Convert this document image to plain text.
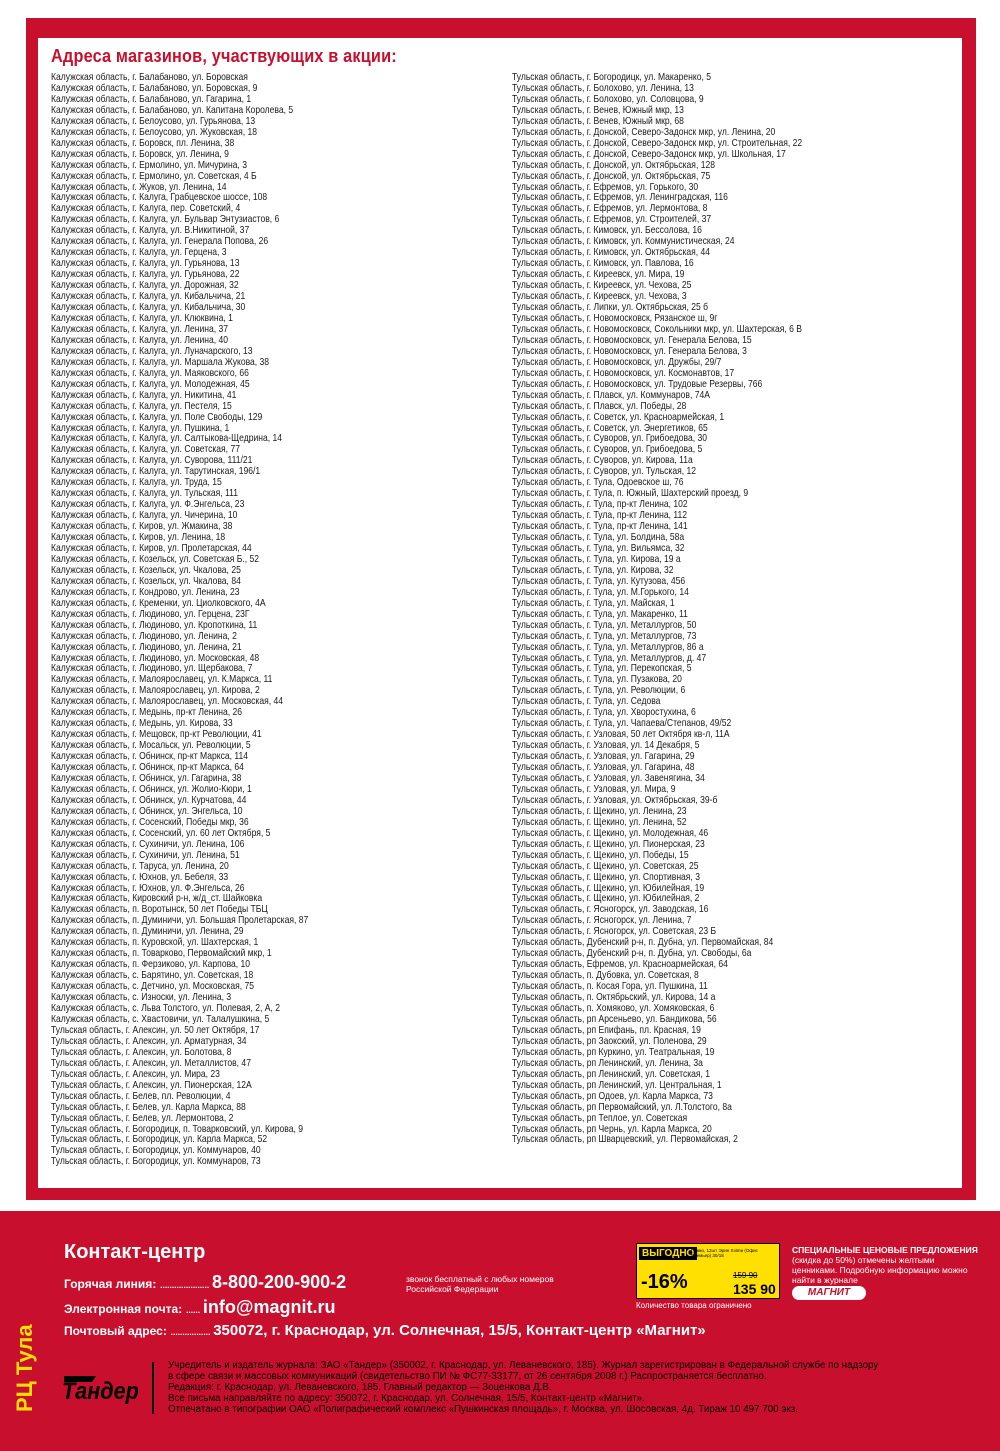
Адреса магазинов, участвующих в акции:
Калужская область, г. Балабаново, ул. Боровская
Калужская область, г. Балабаново, ул. Боровская, 9
Калужская область, г. Балабаново, ул. Гагарина, 1
Калужская область, г. Балабаново, ул. Капитана Королева, 5
Калужская область, г. Белоусово, ул. Гурьянова, 13
Калужская область, г. Белоусово, ул. Жуковская, 18
Калужская область, г. Боровск, пл. Ленина, 38
Калужская область, г. Боровск, ул. Ленина, 9
Калужская область, г. Ермолино, ул. Мичурина, 3
Калужская область, г. Ермолино, ул. Советская, 4 Б
Калужская область, г. Жуков, ул. Ленина, 14
Калужская область, г. Калуга, Грабцевское шоссе, 108
Калужская область, г. Калуга, пер. Советский, 4
Калужская область, г. Калуга, ул. Бульвар Энтузиастов, 6
Калужская область, г. Калуга, ул. В.Никитиной, 37
Калужская область, г. Калуга, ул. Генерала Попова, 26
Калужская область, г. Калуга, ул. Герцена, 3
Калужская область, г. Калуга, ул. Гурьянова, 13
Калужская область, г. Калуга, ул. Гурьянова, 22
Калужская область, г. Калуга, ул. Дорожная, 32
Калужская область, г. Калуга, ул. Кибальчича, 21
Калужская область, г. Калуга, ул. Кибальчича, 30
Калужская область, г. Калуга, ул. Клюквина, 1
Калужская область, г. Калуга, ул. Ленина, 37
Калужская область, г. Калуга, ул. Ленина, 40
Калужская область, г. Калуга, ул. Луначарского, 13
Калужская область, г. Калуга, ул. Маршала Жукова, 38
Калужская область, г. Калуга, ул. Маяковского, 66
Калужская область, г. Калуга, ул. Молодежная, 45
Калужская область, г. Калуга, ул. Никитина, 41
Калужская область, г. Калуга, ул. Пестеля, 15
Калужская область, г. Калуга, ул. Поле Свободы, 129
Калужская область, г. Калуга, ул. Пушкина, 1
Калужская область, г. Калуга, ул. Салтыкова-Щедрина, 14
Калужская область, г. Калуга, ул. Советская, 77
Калужская область, г. Калуга, ул. Суворова, 111/21
Калужская область, г. Калуга, ул. Тарутинская, 196/1
Калужская область, г. Калуга, ул. Труда, 15
Калужская область, г. Калуга, ул. Тульская, 111
Калужская область, г. Калуга, ул. Ф.Энгельса, 23
Калужская область, г. Калуга, ул. Чичерина, 10
Калужская область, г. Киров, ул. Жмакина, 38
Калужская область, г. Киров, ул. Ленина, 18
Калужская область, г. Киров, ул. Пролетарская, 44
Калужская область, г. Козельск, ул. Советская Б., 52
Калужская область, г. Козельск, ул. Чкалова, 25
Калужская область, г. Козельск, ул. Чкалова, 84
Калужская область, г. Кондрово, ул. Ленина, 23
Калужская область, г. Кременки, ул. Циолковского, 4А
Калужская область, г. Людиново, ул. Герцена, 23Г
Калужская область, г. Людиново, ул. Кропоткина, 11
Калужская область, г. Людиново, ул. Ленина, 2
Калужская область, г. Людиново, ул. Ленина, 21
Калужская область, г. Людиново, ул. Московская, 48
Калужская область, г. Людиново, ул. Щербакова, 7
Калужская область, г. Малоярославец, ул. К.Маркса, 11
Калужская область, г. Малоярославец, ул. Кирова, 2
Калужская область, г. Малоярославец, ул. Московская, 44
Калужская область, г. Медынь, пр-кт Ленина, 26
Калужская область, г. Медынь, ул. Кирова, 33
Калужская область, г. Мещовск, пр-кт Революции, 41
Калужская область, г. Мосальск, ул. Революции, 5
Калужская область, г. Обнинск, пр-кт Маркса, 114
Калужская область, г. Обнинск, пр-кт Маркса, 64
Калужская область, г. Обнинск, ул. Гагарина, 38
Калужская область, г. Обнинск, ул. Жолио-Кюри, 1
Калужская область, г. Обнинск, ул. Курчатова, 44
Калужская область, г. Обнинск, ул. Энгельса, 10
Калужская область, г. Сосенский, Победы мкр, 36
Калужская область, г. Сосенский, ул. 60 лет Октября, 5
Калужская область, г. Сухиничи, ул. Ленина, 106
Калужская область, г. Сухиничи, ул. Ленина, 51
Калужская область, г. Таруса, ул. Ленина, 20
Калужская область, г. Юхнов, ул. Бебеля, 33
Калужская область, г. Юхнов, ул. Ф.Энгельса, 26
Калужская область, Кировский р-н, ж/д_ст. Шайковка
Калужская область, п. Воротынск, 50 лет Победы ТБЦ
Калужская область, п. Думиничи, ул. Большая Пролетарская, 87
Калужская область, п. Думиничи, ул. Ленина, 29
Калужская область, п. Куровской, ул. Шахтерская, 1
Калужская область, п. Товарково, Первомайский мкр, 1
Калужская область, п. Ферзиково, ул. Карпова, 10
Калужская область, с. Барятино, ул. Советская, 18
Калужская область, с. Детчино, ул. Московская, 75
Калужская область, с. Износки, ул. Ленина, 3
Калужская область, с. Льва Толстого, ул. Полевая, 2, А, 2
Калужская область, с. Хвастовичи, ул. Талалушкина, 5
Тульская область, г. Алексин, ул. 50 лет Октября, 17
Тульская область, г. Алексин, ул. Арматурная, 34
Тульская область, г. Алексин, ул. Болотова, 8
Тульская область, г. Алексин, ул. Металлистов, 47
Тульская область, г. Алексин, ул. Мира, 23
Тульская область, г. Алексин, ул. Пионерская, 12А
Тульская область, г. Белев, пл. Революции, 4
Тульская область, г. Белев, ул. Карла Маркса, 88
Тульская область, г. Белев, ул. Лермонтова, 2
Тульская область, г. Богородицк, п. Товарковский, ул. Кирова, 9
Тульская область, г. Богородицк, ул. Карла Маркса, 52
Тульская область, г. Богородицк, ул. Коммунаров, 40
Тульская область, г. Богородицк, ул. Коммунаров, 73
Тульская область, г. Богородицк, ул. Макаренко, 5
Тульская область, г. Болохово, ул. Ленина, 13
Тульская область, г. Болохово, ул. Соловцова, 9
Тульская область, г. Венев, Южный мкр, 13
Тульская область, г. Венев, Южный мкр, 68
Тульская область, г. Донской, Северо-Задонск мкр, ул. Ленина, 20
Тульская область, г. Донской, Северо-Задонск мкр, ул. Строительная, 22
Тульская область, г. Донской, Северо-Задонск мкр, ул. Школьная, 17
Тульская область, г. Донской, ул. Октябрьская, 128
Тульская область, г. Донской, ул. Октябрьская, 75
Тульская область, г. Ефремов, ул. Горького, 30
Тульская область, г. Ефремов, ул. Ленинградская, 116
Тульская область, г. Ефремов, ул. Лермонтова, 8
Тульская область, г. Ефремов, ул. Строителей, 37
Тульская область, г. Кимовск, ул. Бессолова, 16
Тульская область, г. Кимовск, ул. Коммунистическая, 24
Тульская область, г. Кимовск, ул. Октябрьская, 44
Тульская область, г. Кимовск, ул. Павлова, 16
Тульская область, г. Киреевск, ул. Мира, 19
Тульская область, г. Киреевск, ул. Чехова, 25
Тульская область, г. Киреевск, ул. Чехова, 3
Тульская область, г. Липки, ул. Октябрьская, 25 б
Тульская область, г. Новомосковск, Рязанское ш, 9г
Тульская область, г. Новомосковск, Сокольники мкр, ул. Шахтерская, 6 В
Тульская область, г. Новомосковск, ул. Генерала Белова, 15
Тульская область, г. Новомосковск, ул. Генерала Белова, 3
Тульская область, г. Новомосковск, ул. Дружбы, 29/7
Тульская область, г. Новомосковск, ул. Космонавтов, 17
Тульская область, г. Новомосковск, ул. Трудовые Резервы, 766
Тульская область, г. Плавск, ул. Коммунаров, 74А
Тульская область, г. Плавск, ул. Победы, 28
Тульская область, г. Советск, ул. Красноармейская, 1
Тульская область, г. Советск, ул. Энергетиков, 65
Тульская область, г. Суворов, ул. Грибоедова, 30
Тульская область, г. Суворов, ул. Грибоедова, 5
Тульская область, г. Суворов, ул. Кирова, 11а
Тульская область, г. Суворов, ул. Тульская, 12
Тульская область, г. Тула, Одоевское ш, 76
Тульская область, г. Тула, п. Южный, Шахтерский проезд, 9
Тульская область, г. Тула, пр-кт Ленина, 102
Тульская область, г. Тула, пр-кт Ленина, 112
Тульская область, г. Тула, пр-кт Ленина, 141
Тульская область, г. Тула, ул. Болдина, 58а
Тульская область, г. Тула, ул. Вильямса, 32
Тульская область, г. Тула, ул. Кирова, 19 а
Тульская область, г. Тула, ул. Кирова, 32
Тульская область, г. Тула, ул. Кутузова, 456
Тульская область, г. Тула, ул. М.Горького, 14
Тульская область, г. Тула, ул. Майская, 1
Тульская область, г. Тула, ул. Макаренко, 11
Тульская область, г. Тула, ул. Металлургов, 50
Тульская область, г. Тула, ул. Металлургов, 73
Тульская область, г. Тула, ул. Металлургов, 86 а
Тульская область, г. Тула, ул. Металлургов, д. 47
Тульская область, г. Тула, ул. Перекопская, 5
Тульская область, г. Тула, ул. Пузакова, 20
Тульская область, г. Тула, ул. Революции, 6
Тульская область, г. Тула, ул. Седова
Тульская область, г. Тула, ул. Хворостухина, 6
Тульская область, г. Тула, ул. Чапаева/Степанов, 49/52
Тульская область, г. Узловая, 50 лет Октября кв-л, 11А
Тульская область, г. Узловая, ул. 14 Декабря, 5
Тульская область, г. Узловая, ул. Гагарина, 29
Тульская область, г. Узловая, ул. Гагарина, 48
Тульская область, г. Узловая, ул. Завенягина, 34
Тульская область, г. Узловая, ул. Мира, 9
Тульская область, г. Узловая, ул. Октябрьская, 39-б
Тульская область, г. Щекино, ул. Ленина, 23
Тульская область, г. Щекино, ул. Ленина, 52
Тульская область, г. Щекино, ул. Молодежная, 46
Тульская область, г. Щекино, ул. Пионерская, 23
Тульская область, г. Щекино, ул. Победы, 15
Тульская область, г. Щекино, ул. Советская, 25
Тульская область, г. Щекино, ул. Спортивная, 3
Тульская область, г. Щекино, ул. Юбилейная, 19
Тульская область, г. Щекино, ул. Юбилейная, 2
Тульская область, г. Ясногорск, ул. Заводская, 16
Тульская область, г. Ясногорск, ул. Ленина, 7
Тульская область, г. Ясногорск, ул. Советская, 23 Б
Тульская область, Дубенский р-н, п. Дубна, ул. Первомайская, 84
Тульская область, Дубенский р-н, п. Дубна, ул. Свободы, 6а
Тульская область, Ефремов, ул. Красноармейская, 64
Тульская область, п. Дубовка, ул. Советская, 8
Тульская область, п. Косая Гора, ул. Пушкина, 11
Тульская область, п. Октябрьский, ул. Кирова, 14 а
Тульская область, п. Хомяково, ул. Хомяковская, 6
Тульская область, рп Арсеньево, ул. Бандикова, 56
Тульская область, рп Епифань, пл. Красная, 19
Тульская область, рп Заокский, ул. Поленова, 29
Тульская область, рп Куркино, ул. Театральная, 19
Тульская область, рп Ленинский, ул. Ленина, 3а
Тульская область, рп Ленинский, ул. Советская, 1
Тульская область, рп Ленинский, ул. Центральная, 1
Тульская область, рп Одоев, ул. Карла Маркса, 73
Тульская область, рп Первомайский, ул. Л.Толстого, 8а
Тульская область, рп Теплое, ул. Советская
Тульская область, рп Чернь, ул. Карла Маркса, 20
Тульская область, рп Шварцевский, ул. Первомайская, 2
РЦ Тула
Контакт-центр
Горячая линия: ..................... 8-800-200-900-2	звонок бесплатный с любых номеров Российской Федерации
Электронная почта: ...... info@magnit.ru
Почтовый адрес: ................. 350072, г. Краснодар, ул. Солнечная, 15/5, Контакт-центр «Магнит»
ВЫГОДНО
Гуммо, 12шт Эрин Хэппи (Офис Премьер) 30/18
-16%	159 90
135 90
Количество товара ограничено
СПЕЦИАЛЬНЫЕ ЦЕНОВЫЕ ПРЕДЛОЖЕНИЯ
(скидка до 50%) отмечены желтыми ценниками. Подробную информацию можно найти в журнале
МАГНИТ
Тандер
Учредитель и издатель журнала: ЗАО «Тандер» (350002, г. Краснодар, ул. Леваневского, 185). Журнал зарегистрирован в Федеральной службе по надзору
в сфере связи и массовых коммуникаций (свидетельство ПИ № ФС77-33177, от 26 сентября 2008 г.) Распространяется бесплатно.
Редакция: г. Краснодар, ул. Леваневского, 185. Главный редактор — Зоценкова Д.В.
Все письма направляйте по адресу: 350072, г. Краснодар, ул. Солнечная, 15/5, Контакт-центр «Магнит».
Отпечатано в типографии ОАО «Полиграфический комплекс «Пушкинская площадь», г. Москва, ул. Шосовская, 4д. Тираж 10 497 700 экз.
